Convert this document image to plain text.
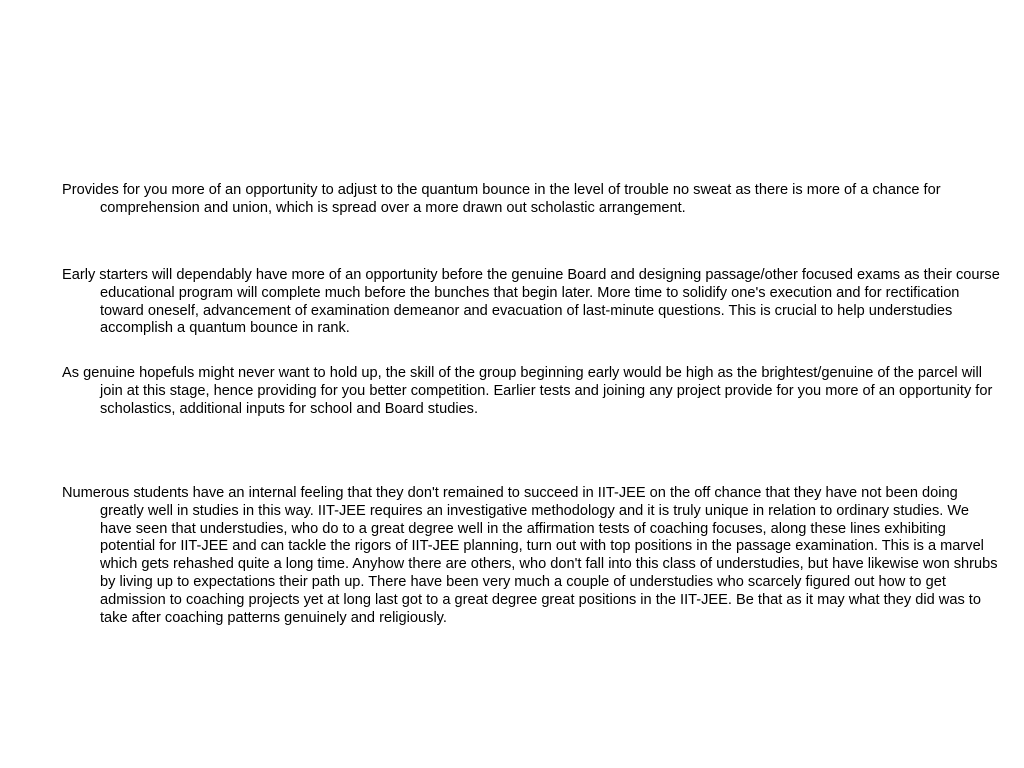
Provides for you more of an opportunity to adjust to the quantum bounce in the level of trouble no sweat as there is more of a chance for comprehension and union, which is spread over a more drawn out scholastic arrangement.

Early starters will dependably have more of an opportunity before the genuine Board and designing passage/other focused exams as their course educational program will complete much before the bunches that begin later. More time to solidify one's execution and for rectification toward oneself, advancement of examination demeanor and evacuation of last-minute questions. This is crucial to help understudies accomplish a quantum bounce in rank.

As genuine hopefuls might never want to hold up, the skill of the group beginning early would be high as the brightest/genuine of the parcel will join at this stage, hence providing for you better competition. Earlier tests and joining any project provide for you more of an opportunity for scholastics, additional inputs for school and Board studies.

Numerous students have an internal feeling that they don't remained to succeed in IIT-JEE on the off chance that they have not been doing greatly well in studies in this way. IIT-JEE requires an investigative methodology and it is truly unique in relation to ordinary studies. We have seen that understudies, who do to a great degree well in the affirmation tests of coaching focuses, along these lines exhibiting potential for IIT-JEE and can tackle the rigors of IIT-JEE planning, turn out with top positions in the passage examination. This is a marvel which gets rehashed quite a long time. Anyhow there are others, who don't fall into this class of understudies, but have likewise won shrubs by living up to expectations their path up. There have been very much a couple of understudies who scarcely figured out how to get admission to coaching projects yet at long last got to a great degree great positions in the IIT-JEE. Be that as it may what they did was to take after coaching patterns genuinely and religiously.
